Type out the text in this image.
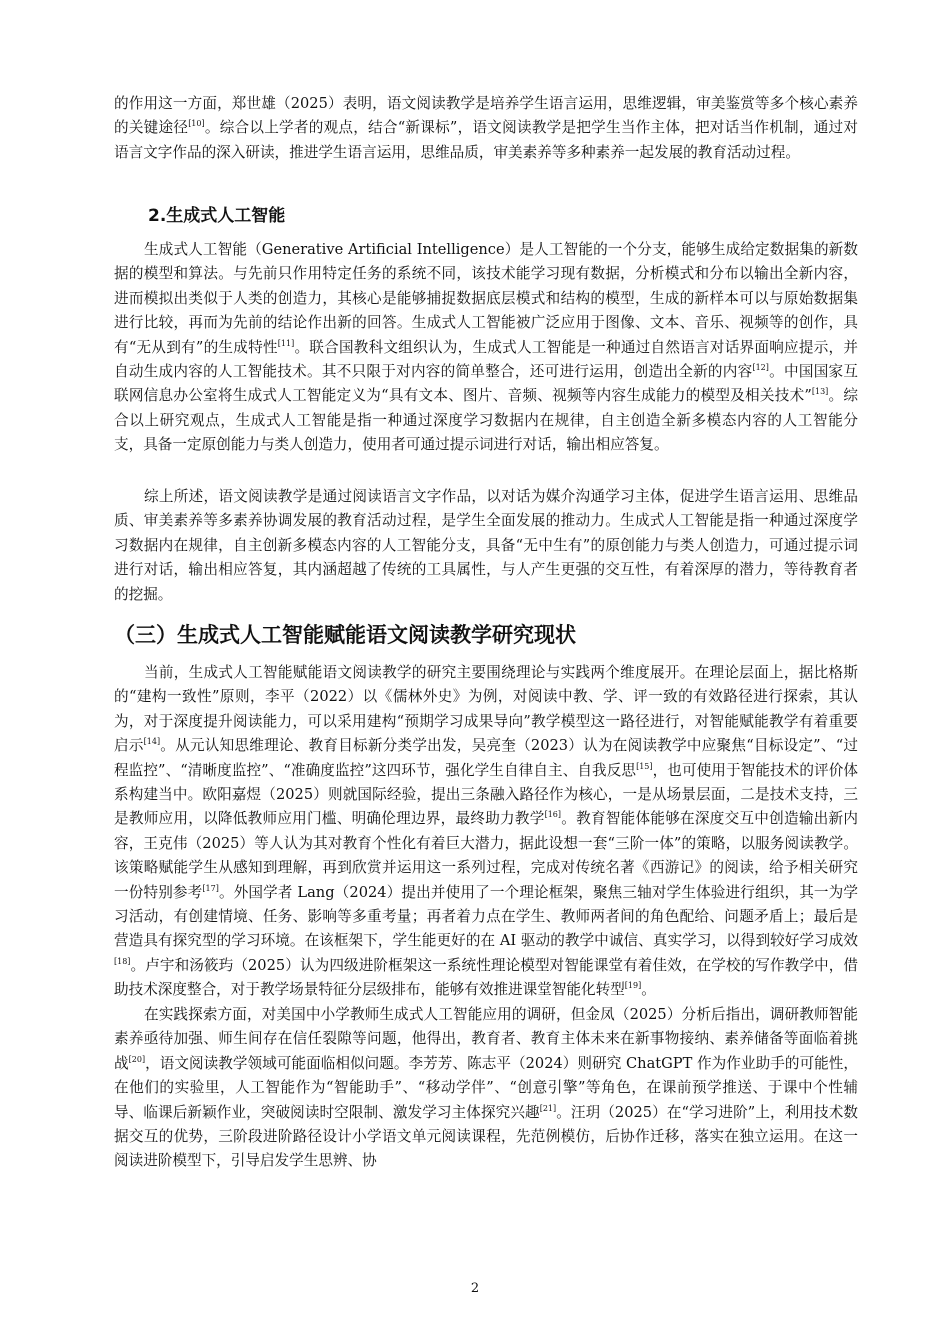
的作用这一方面，郑世雄（2025）表明，语文阅读教学是培养学生语言运用，思维逻辑，审美鉴赏等多个核心素养的关键途径[10]。综合以上学者的观点，结合“新课标”，语文阅读教学是把学生当作主体，把对话当作机制，通过对语言文字作品的深入研读，推进学生语言运用，思维品质，审美素养等多种素养一起发展的教育活动过程。
2.生成式人工智能
生成式人工智能（Generative Artificial Intelligence）是人工智能的一个分支，能够生成给定数据集的新数据的模型和算法。与先前只作用特定任务的系统不同，该技术能学习现有数据，分析模式和分布以输出全新内容，进而模拟出类似于人类的创造力，其核心是能够捕捉数据底层模式和结构的模型，生成的新样本可以与原始数据集进行比较，再而为先前的结论作出新的回答。生成式人工智能被广泛应用于图像、文本、音乐、视频等的创作，具有“无从到有”的生成特性[11]。联合国教科文组织认为，生成式人工智能是一种通过自然语言对话界面响应提示，并自动生成内容的人工智能技术。其不只限于对内容的简单整合，还可进行运用，创造出全新的内容[12]。中国国家互联网信息办公室将生成式人工智能定义为“具有文本、图片、音频、视频等内容生成能力的模型及相关技术”[13]。综合以上研究观点，生成式人工智能是指一种通过深度学习数据内在规律，自主创造全新多模态内容的人工智能分支，具备一定原创能力与类人创造力，使用者可通过提示词进行对话，输出相应答复。
综上所述，语文阅读教学是通过阅读语言文字作品，以对话为媒介沟通学习主体，促进学生语言运用、思维品质、审美素养等多素养协调发展的教育活动过程，是学生全面发展的推动力。生成式人工智能是指一种通过深度学习数据内在规律，自主创新多模态内容的人工智能分支，具备“无中生有”的原创能力与类人创造力，可通过提示词进行对话，输出相应答复，其内涵超越了传统的工具属性，与人产生更强的交互性，有着深厚的潜力，等待教育者的挖掘。
（三）生成式人工智能赋能语文阅读教学研究现状
当前，生成式人工智能赋能语文阅读教学的研究主要围绕理论与实践两个维度展开。在理论层面上，据比格斯的“建构一致性”原则，李平（2022）以《儒林外史》为例，对阅读中教、学、评一致的有效路径进行探索，其认为，对于深度提升阅读能力，可以采用建构“预期学习成果导向”教学模型这一路径进行，对智能赋能教学有着重要启示[14]。从元认知思维理论、教育目标新分类学出发，吴亮奎（2023）认为在阅读教学中应聚焦“目标设定”、“过程监控”、“清晰度监控”、“准确度监控”这四环节，强化学生自律自主、自我反思[15]，也可使用于智能技术的评价体系构建当中。欧阳嘉煜（2025）则就国际经验，提出三条融入路径作为核心，一是从场景层面，二是技术支持，三是教师应用，以降低教师应用门槛、明确伦理边界，最终助力教学[16]。教育智能体能够在深度交互中创造输出新内容，王克伟（2025）等人认为其对教育个性化有着巨大潜力，据此设想一套“三阶一体”的策略，以服务阅读教学。该策略赋能学生从感知到理解，再到欣赏并运用这一系列过程，完成对传统名著《西游记》的阅读，给予相关研究一份特别参考[17]。外国学者 Lang（2024）提出并使用了一个理论框架，聚焦三轴对学生体验进行组织，其一为学习活动，有创建情境、任务、影响等多重考量；再者着力点在学生、教师两者间的角色配给、问题矛盾上；最后是营造具有探究型的学习环境。在该框架下，学生能更好的在 AI 驱动的教学中诚信、真实学习，以得到较好学习成效[18]。卢宇和汤筱玙（2025）认为四级进阶框架这一系统性理论模型对智能课堂有着佳效，在学校的写作教学中，借助技术深度整合，对于教学场景特征分层级排布，能够有效推进课堂智能化转型[19]。
在实践探索方面，对美国中小学教师生成式人工智能应用的调研，但金凤（2025）分析后指出，调研教师智能素养亟待加强、师生间存在信任裂隙等问题，他得出，教育者、教育主体未来在新事物接纳、素养储备等面临着挑战[20]，语文阅读教学领域可能面临相似问题。李芳芳、陈志平（2024）则研究 ChatGPT 作为作业助手的可能性，在他们的实验里，人工智能作为“智能助手”、“移动学伴”、“创意引擎”等角色，在课前预学推送、于课中个性辅导、临课后新颖作业，突破阅读时空限制、激发学习主体探究兴趣[21]。汪玥（2025）在“学习进阶”上，利用技术数据交互的优势，三阶段进阶路径设计小学语文单元阅读课程，先范例模仿，后协作迁移，落实在独立运用。在这一阅读进阶模型下，引导启发学生思辨、协
2
